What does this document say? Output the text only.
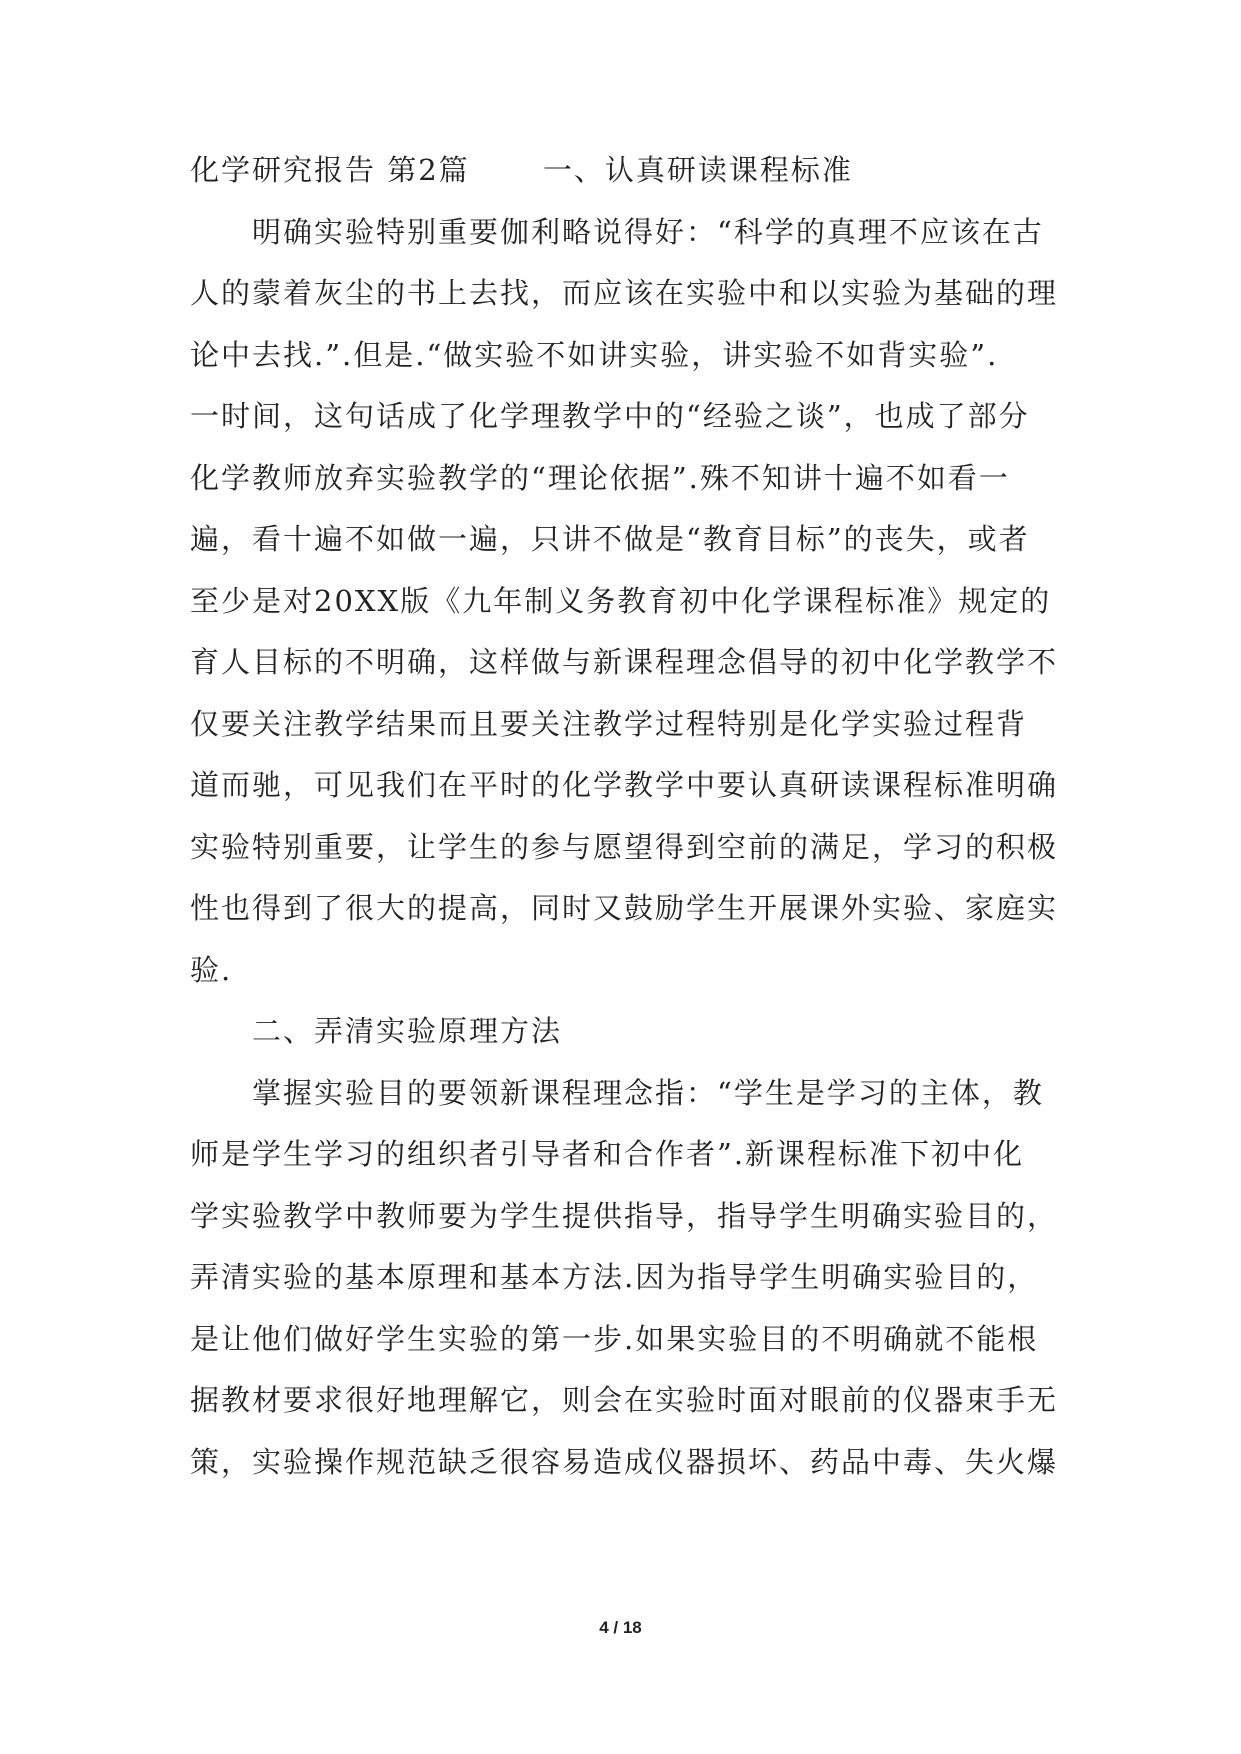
化学研究报告 第2篇　　 一、认真研读课程标准
　　明确实验特别重要伽利略说得好：“科学的真理不应该在古
人的蒙着灰尘的书上去找，而应该在实验中和以实验为基础的理
论中去找.”.但是.“做实验不如讲实验，讲实验不如背实验”.
一时间，这句话成了化学理教学中的“经验之谈”，也成了部分
化学教师放弃实验教学的“理论依据”.殊不知讲十遍不如看一
遍，看十遍不如做一遍，只讲不做是“教育目标”的丧失，或者
至少是对20XX版《九年制义务教育初中化学课程标准》规定的
育人目标的不明确，这样做与新课程理念倡导的初中化学教学不
仅要关注教学结果而且要关注教学过程特别是化学实验过程背
道而驰，可见我们在平时的化学教学中要认真研读课程标准明确
实验特别重要，让学生的参与愿望得到空前的满足，学习的积极
性也得到了很大的提高，同时又鼓励学生开展课外实验、家庭实
验.
　　二、弄清实验原理方法
　　掌握实验目的要领新课程理念指：“学生是学习的主体，教
师是学生学习的组织者引导者和合作者”.新课程标准下初中化
学实验教学中教师要为学生提供指导，指导学生明确实验目的，
弄清实验的基本原理和基本方法.因为指导学生明确实验目的，
是让他们做好学生实验的第一步.如果实验目的不明确就不能根
据教材要求很好地理解它，则会在实验时面对眼前的仪器束手无
策，实验操作规范缺乏很容易造成仪器损坏、药品中毒、失火爆
4 / 18
